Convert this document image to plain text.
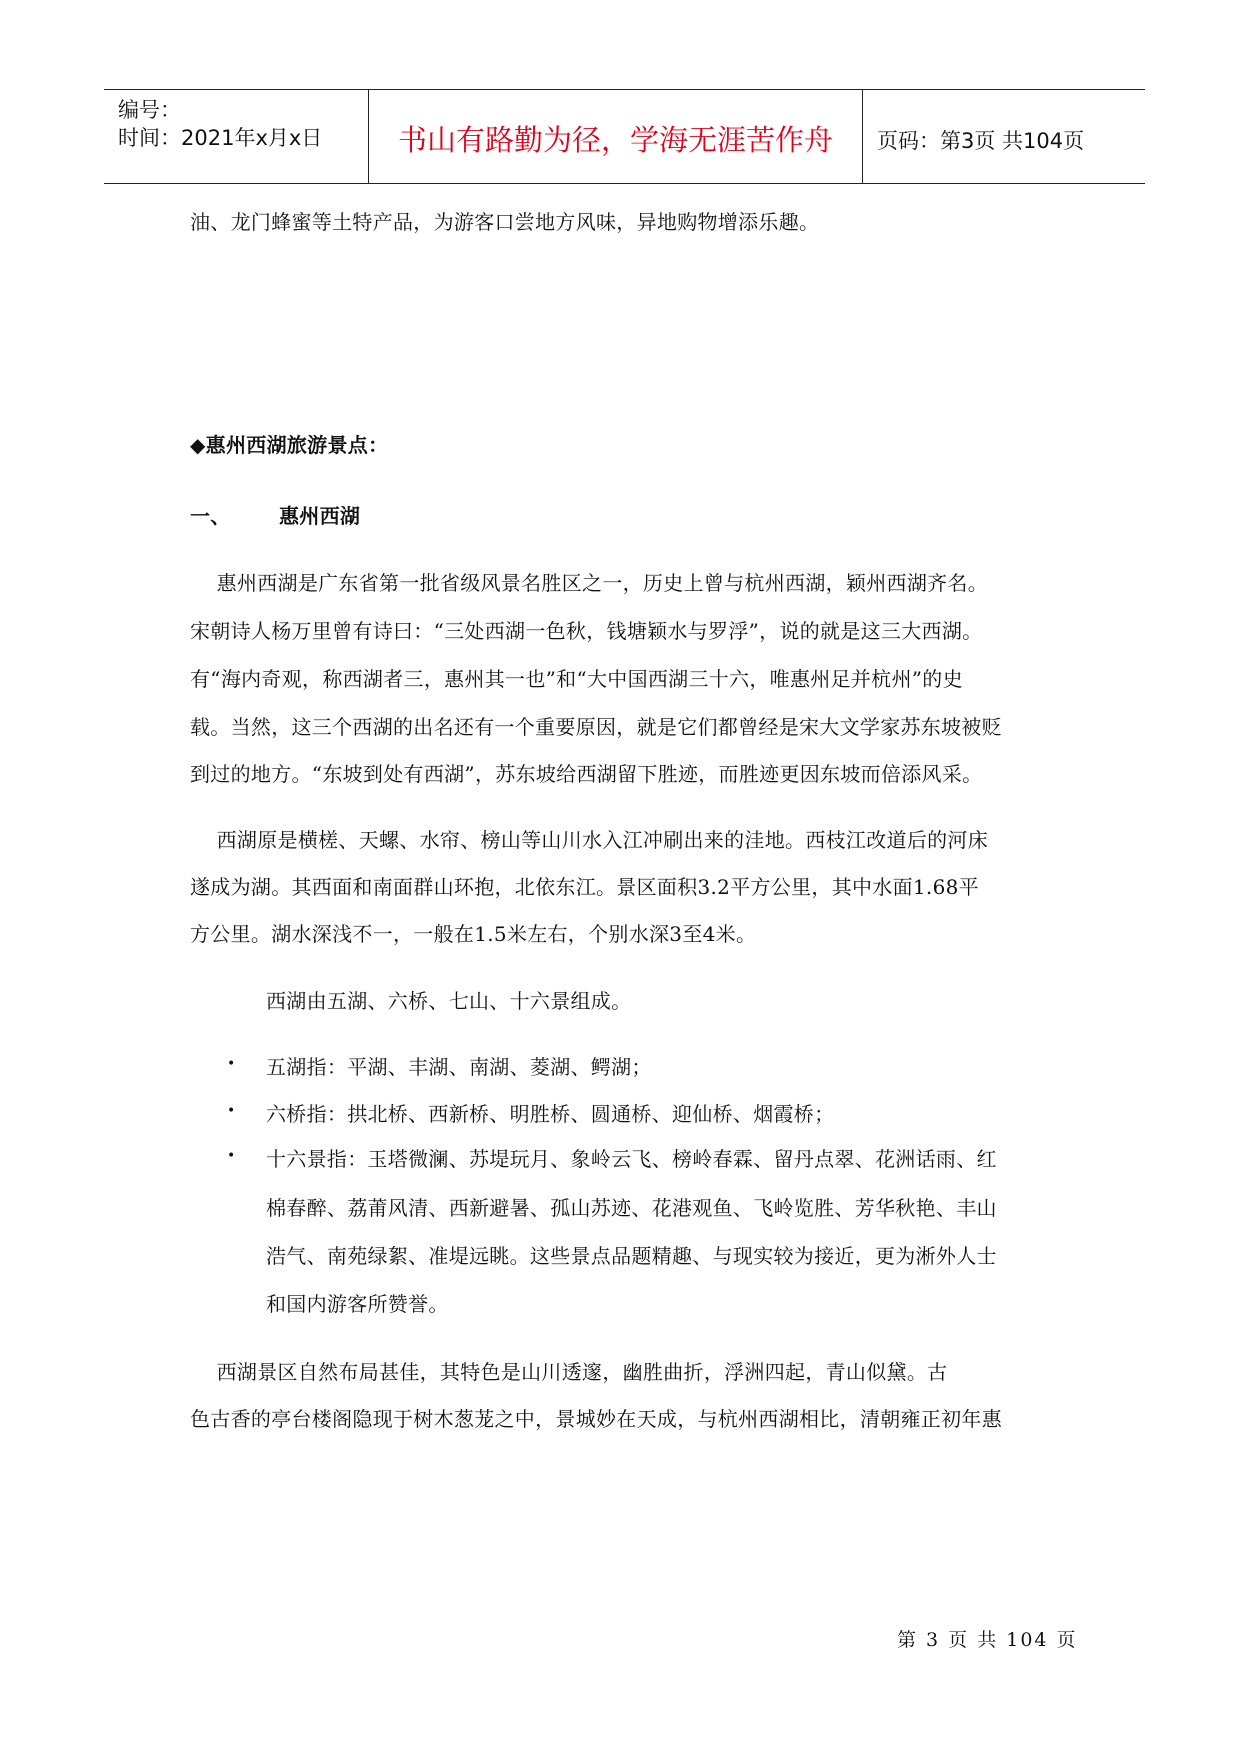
编号：
时间：2021年x月x日	书山有路勤为径，学海无涯苦作舟	页码：第3页 共104页
油、龙门蜂蜜等土特产品，为游客口尝地方风味，异地购物增添乐趣。
◆惠州西湖旅游景点：
一、 惠州西湖
惠州西湖是广东省第一批省级风景名胜区之一，历史上曾与杭州西湖，颖州西湖齐名。
宋朝诗人杨万里曾有诗曰：“三处西湖一色秋，钱塘颖水与罗浮”，说的就是这三大西湖。
有“海内奇观，称西湖者三，惠州其一也”和“大中国西湖三十六，唯惠州足并杭州”的史
载。当然，这三个西湖的出名还有一个重要原因，就是它们都曾经是宋大文学家苏东坡被贬
到过的地方。“东坡到处有西湖”，苏东坡给西湖留下胜迹，而胜迹更因东坡而倍添风采。
西湖原是横槎、天螺、水帘、榜山等山川水入江冲刷出来的洼地。西枝江改道后的河床
遂成为湖。其西面和南面群山环抱，北依东江。景区面积3.2平方公里，其中水面1.68平
方公里。湖水深浅不一，一般在1.5米左右，个别水深3至4米。
西湖由五湖、六桥、七山、十六景组成。
• 五湖指：平湖、丰湖、南湖、菱湖、鳄湖；
• 六桥指：拱北桥、西新桥、明胜桥、圆通桥、迎仙桥、烟霞桥；
• 十六景指：玉塔微澜、苏堤玩月、象岭云飞、榜岭春霖、留丹点翠、花洲话雨、红
棉春醉、荔莆风清、西新避暑、孤山苏迹、花港观鱼、飞岭览胜、芳华秋艳、丰山
浩气、南苑绿絮、准堤远眺。这些景点品题精趣、与现实较为接近，更为淅外人士
和国内游客所赞誉。
西湖景区自然布局甚佳，其特色是山川透邃，幽胜曲折，浮洲四起，青山似黛。古
色古香的亭台楼阁隐现于树木葱茏之中，景城妙在天成，与杭州西湖相比，清朝雍正初年惠
第 3 页 共 104 页
